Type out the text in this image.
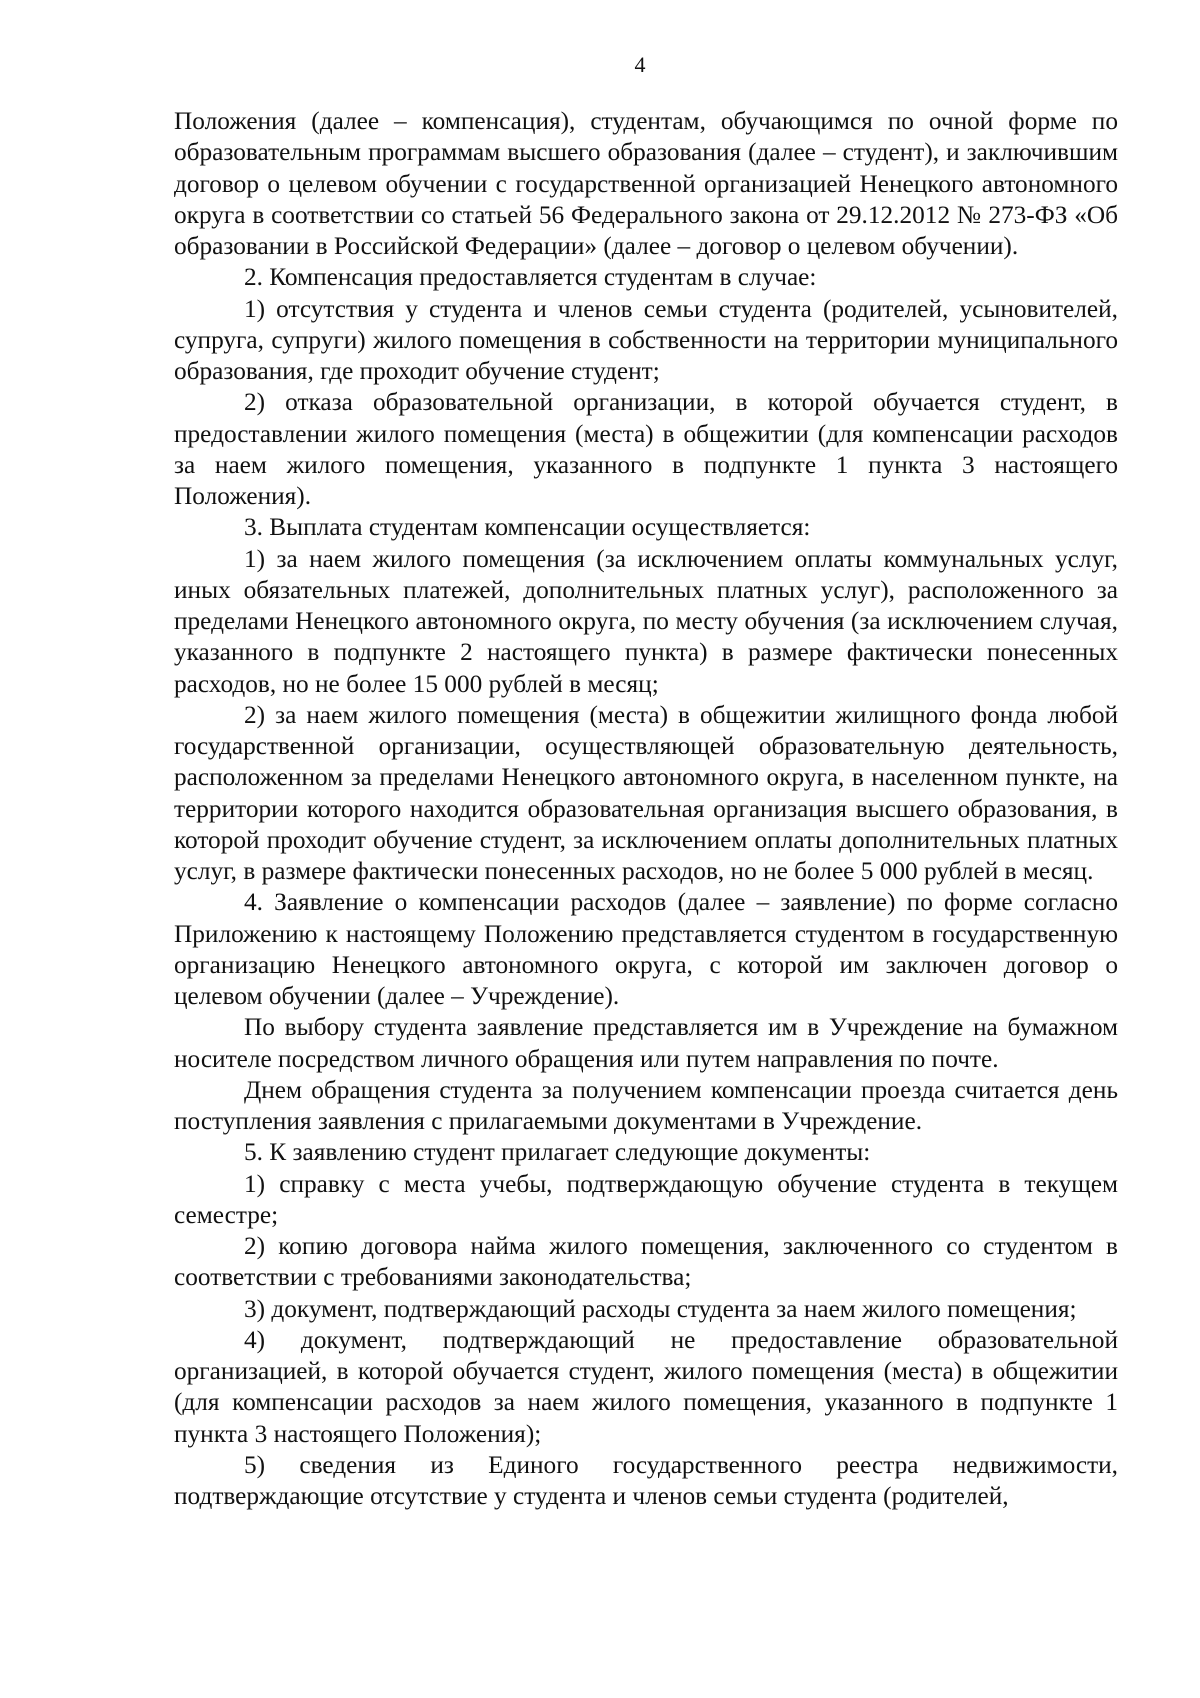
4

Положения (далее – компенсация), студентам, обучающимся по очной форме по образовательным программам высшего образования (далее – студент), и заключившим договор о целевом обучении с государственной организацией Ненецкого автономного округа в соответствии со статьей 56 Федерального закона от 29.12.2012 № 273-ФЗ «Об образовании в Российской Федерации» (далее – договор о целевом обучении).

2. Компенсация предоставляется студентам в случае:

1) отсутствия у студента и членов семьи студента (родителей, усыновителей, супруга, супруги) жилого помещения в собственности на территории муниципального образования, где проходит обучение студент;

2) отказа образовательной организации, в которой обучается студент, в предоставлении жилого помещения (места) в общежитии (для компенсации расходов за наем жилого помещения, указанного в подпункте 1 пункта 3 настоящего Положения).

3. Выплата студентам компенсации осуществляется:

1) за наем жилого помещения (за исключением оплаты коммунальных услуг, иных обязательных платежей, дополнительных платных услуг), расположенного за пределами Ненецкого автономного округа, по месту обучения (за исключением случая, указанного в подпункте 2 настоящего пункта) в размере фактически понесенных расходов, но не более 15 000 рублей в месяц;

2) за наем жилого помещения (места) в общежитии жилищного фонда любой государственной организации, осуществляющей образовательную деятельность, расположенном за пределами Ненецкого автономного округа, в населенном пункте, на территории которого находится образовательная организация высшего образования, в которой проходит обучение студент, за исключением оплаты дополнительных платных услуг, в размере фактически понесенных расходов, но не более 5 000 рублей в месяц.

4. Заявление о компенсации расходов (далее – заявление) по форме согласно Приложению к настоящему Положению представляется студентом в государственную организацию Ненецкого автономного округа, с которой им заключен договор о целевом обучении (далее – Учреждение).

По выбору студента заявление представляется им в Учреждение на бумажном носителе посредством личного обращения или путем направления по почте.

Днем обращения студента за получением компенсации проезда считается день поступления заявления с прилагаемыми документами в Учреждение.

5. К заявлению студент прилагает следующие документы:

1) справку с места учебы, подтверждающую обучение студента в текущем семестре;

2) копию договора найма жилого помещения, заключенного со студентом в соответствии с требованиями законодательства;

3) документ, подтверждающий расходы студента за наем жилого помещения;

4) документ, подтверждающий не предоставление образовательной организацией, в которой обучается студент, жилого помещения (места) в общежитии (для компенсации расходов за наем жилого помещения, указанного в подпункте 1 пункта 3 настоящего Положения);

5) сведения из Единого государственного реестра недвижимости, подтверждающие отсутствие у студента и членов семьи студента (родителей,
